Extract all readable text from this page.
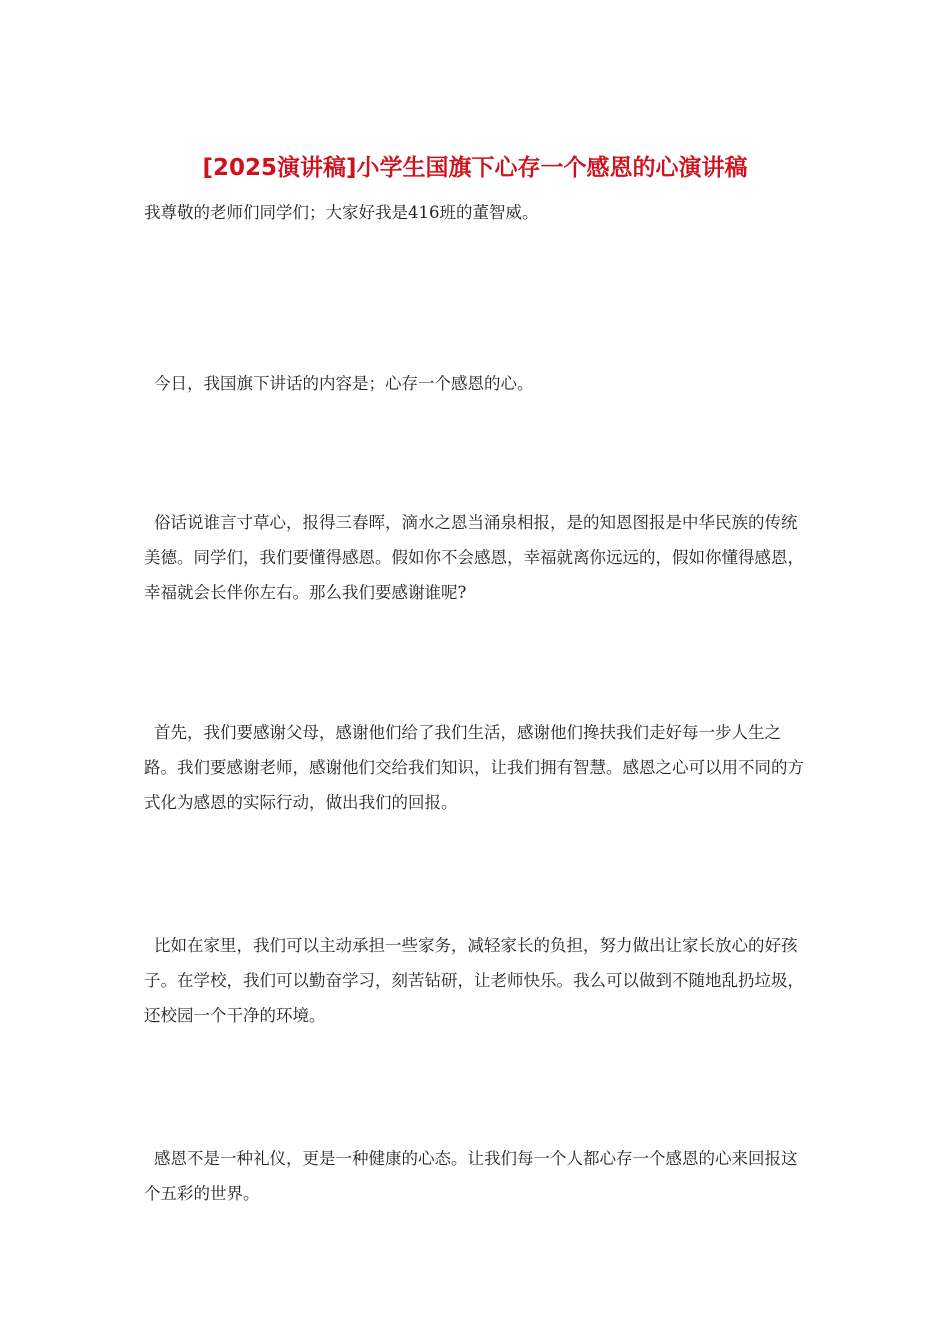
[2025演讲稿]小学生国旗下心存一个感恩的心演讲稿

我尊敬的老师们同学们；大家好我是416班的董智威。

今日，我国旗下讲话的内容是；心存一个感恩的心。

俗话说谁言寸草心，报得三春晖，滴水之恩当涌泉相报，是的知恩图报是中华民族的传统美德。同学们，我们要懂得感恩。假如你不会感恩，幸福就离你远远的，假如你懂得感恩，幸福就会长伴你左右。那么我们要感谢谁呢?

首先，我们要感谢父母，感谢他们给了我们生活，感谢他们搀扶我们走好每一步人生之路。我们要感谢老师，感谢他们交给我们知识，让我们拥有智慧。感恩之心可以用不同的方式化为感恩的实际行动，做出我们的回报。

比如在家里，我们可以主动承担一些家务，减轻家长的负担，努力做出让家长放心的好孩子。在学校，我们可以勤奋学习，刻苦钻研，让老师快乐。我么可以做到不随地乱扔垃圾，还校园一个干净的环境。

感恩不是一种礼仪，更是一种健康的心态。让我们每一个人都心存一个感恩的心来回报这个五彩的世界。
